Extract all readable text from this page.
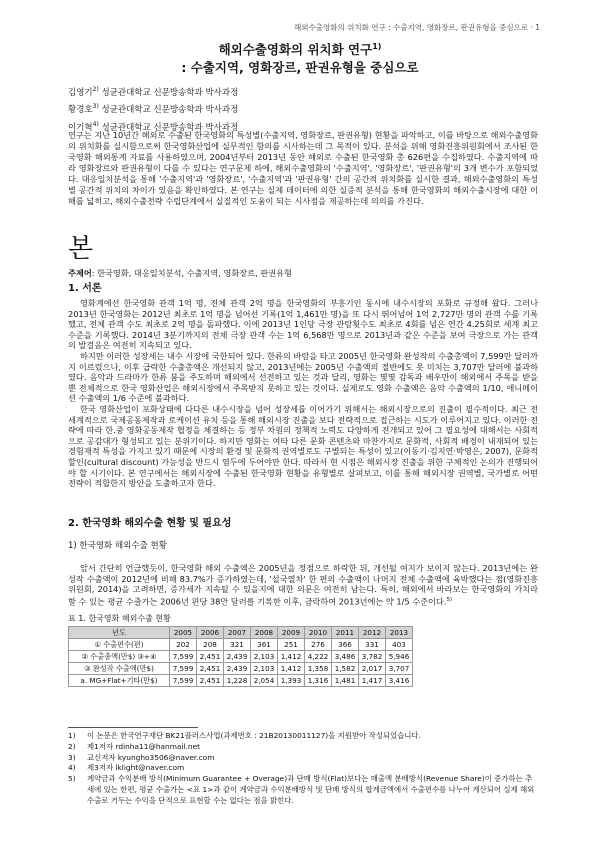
해외수출영화의 위치화 연구 : 수출지역, 영화장르, 판권유형을 중심으로 · 1
해외수출영화의 위치화 연구$^{1)}$
: 수출지역, 영화장르, 판권유형을 중심으로
김영기$^{2)}$ 성균관대학교 신문방송학과 박사과정
황경호$^{3)}$ 성균관대학교 신문방송학과 박사과정
이기혁$^{4)}$ 성균관대학교 신문방송학과 박사과정
연구는 지난 10년간 해외로 수출된 한국영화의 특성별(수출지역, 영화장르, 판권유형) 현황을 파악하고, 이를 바탕으로 해외수출영화의 위치화를 실시함으로써 한국영화산업에 실무적인 함의를 시사하는데 그 목적이 있다. 분석을 위해 영화진흥위원회에서 조사된 한국영화 해외통계 자료를 사용하였으며, 2004년부터 2013년 동안 해외로 수출된 한국영화 총 626편을 수집하였다. 수출지역에 따라 영화장르와 판권유형이 다를 수 있다는 연구문제 하에, 해외수출영화의 '수출지역', '영화장르', '판권유형'의 3개 변수가 포함되었다. 대응일치분석을 통해 '수출지역'과 '영화장르', '수출지역'과 '판권유형' 간의 공간적 위치화를 실시한 결과, 해외수출영화의 특성별 공간적 위치의 차이가 있음을 확인하였다. 본 연구는 실제 데이터에 의한 실증적 분석을 통해 한국영화의 해외수출시장에 대한 이해를 넓히고, 해외수출전략 수립단계에서 실질적인 도움이 되는 시사점을 제공하는데 의의를 가진다.
본
주제어: 한국영화, 대응일치분석, 수출지역, 영화장르, 판권유형
1. 서론

영화계에선 한국영화 관객 1억 명, 전체 관객 2억 명을 한국영화의 부흥기인 동시에 내수시장의 포화로 규정해 왔다. 그러나 2013년 한국영화는 2012년 최초로 1억 명을 넘어선 기록(1억 1,461만 명)을 또 다시 뛰어넘어 1억 2,727만 명의 관객 수를 기록했고, 전체 관객 수도 최초로 2억 명을 돌파했다. 이에 2013년 1인당 극장 관람횟수도 최초로 4회를 넘은 연간 4.25회로 세계 최고 수준을 기록했다. 2014년 3분기까지의 전체 극장 관객 수는 1억 6,568만 명으로 2013년과 같은 수준을 보여 극장으로 가는 관객의 발걸음은 여전히 지속되고 있다.

하지만 이러한 성장세는 내수 시장에 국한되어 있다. 한류의 바람을 타고 2005년 한국영화 완성작의 수출총액이 7,599만 달러까지 이르렀으나, 이후 급락한 수출총액은 개선되지 않고, 2013년에는 2005년 수출액의 절반에도 못 미치는 3,707만 달러에 불과하였다. 음악과 드라마가 한류 붐을 주도하며 해외에서 선전하고 있는 것과 달리, 영화는 몇몇 감독과 배우만이 해외에서 주목을 받을 뿐 전체적으로 한국 영화산업은 해외시장에서 주목받지 못하고 있는 것이다. 실제로도 영화 수출액은 음악 수출액의 1/10, 애니메이션 수출액의 1/6 수준에 불과하다.

한국 영화산업이 포화상태에 다다른 내수시장을 넘어 성장세를 이어가기 위해서는 해외시장으로의 진출이 필수적이다. 최근 전 세계적으로 국제공동제작과 로케이션 유치 등을 통해 해외시장 진출을 보다 전략적으로 접근하는 시도가 이루어지고 있다. 이러한 전략에 따라 한.중 영화공동제작 협정을 체결하는 등 정부 차원의 정책적 노력도 다양하게 전개되고 있어 그 필요성에 대해서는 사회적으로 공감대가 형성되고 있는 분위기이다. 하지만 영화는 여타 다른 문화 콘텐츠와 마찬가지로 문화적, 사회적 배경이 내재되어 있는 경험재적 특성을 가지고 있기 때문에 시장의 환경 및 문화적 권역별로도 구별되는 특성이 있고(이동기·김지연·박영은, 2007), 문화적 할인(cultural discount) 가능성을 반드시 염두에 두어야만 한다. 따라서 현 시점은 해외시장 진출을 위한 구체적인 논의가 진행되어야 할 시기이다. 본 연구에서는 해외시장에 수출된 한국영화 현황을 유형별로 살펴보고, 이를 통해 해외시장 권역별, 국가별로 어떤 전략이 적합한지 방안을 도출하고자 한다.

2. 한국영화 해외수출 현황 및 필요성
1) 한국영화 해외수출 현황

앞서 간단히 언급했듯이, 한국영화 해외 수출액은 2005년을 정점으로 하락한 뒤, 개선될 여지가 보이지 않는다. 2013년에는 완성작 수출액이 2012년에 비해 83.7%가 증가하였는데, '설국열차' 한 편의 수출액이 나머지 전체 수출액에 육박했다는 점(영화진흥위원회, 2014)을 고려하면, 증가세가 지속될 수 있을지에 대한 의문은 여전히 남는다. 특히, 해외에서 바라보는 한국영화의 가치라 할 수 있는 평균 수출가는 2006년 편당 38만 달러를 기록한 이후, 급락하여 2013년에는 약 1/5 수준이다.$^{5)}$

표 1. 한국영화 해외수출 현황
년도	2005	2006	2007	2008	2009	2010	2011	2012	2013
① 수출편수(편)	202	208	321	361	251	276	366	331	403
② 수출총액(만$) ③+④	7,599	2,451	2,439	2,103	1,412	4,222	3,486	3,782	5,946
③ 완성작 수출액(만$)	7,599	2,451	2,439	2,103	1,412	1,358	1,582	2,017	3,707
a. MG+Flat+기타(만$)	7,599	2,451	1,228	2,054	1,393	1,316	1,481	1,417	3,416
1)	이 논문은 한국연구재단 BK21플러스사업(과제번호 : 21B20130011127)을 지원받아 작성되었습니다.
2)	제1저자 rdinha11@hanmail.net
3)	교신저자 kyungho3506@naver.com
4)	제3저자 lklight@naver.com
5)	계약금과 수익분배 방식(Minimum Guarantee + Overage)과 단매 방식(Flat)보다는 매출액 분배방식(Revenue Share)이 증가하는 추세에 있는 한편, 평균 수출가는 <표 1>과 같이 계약금과 수익분배방식 및 단매 방식의 합계금액에서 수출편수를 나누어 계산되어 실제 해외수출로 거두는 수익을 단적으로 표현할 수는 없다는 점을 밝힌다.
